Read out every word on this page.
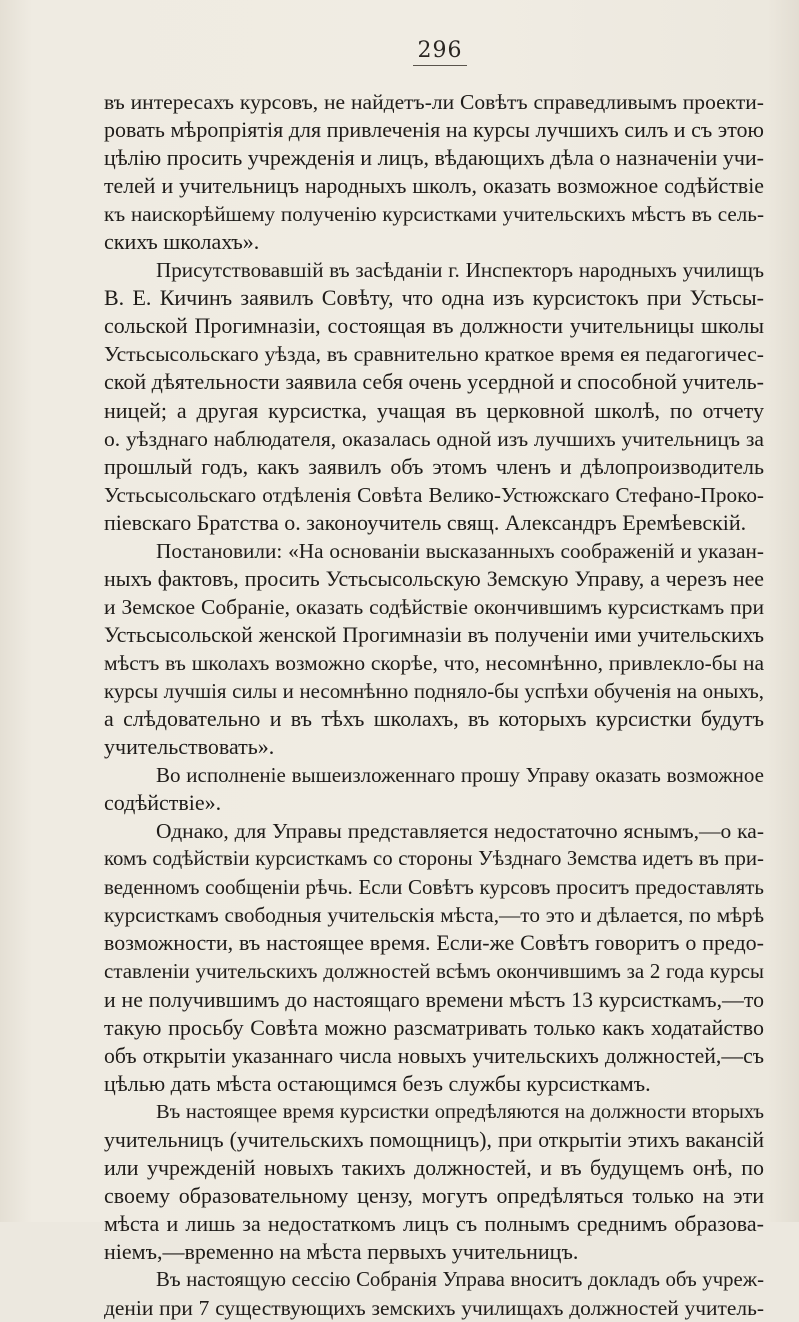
296
въ интересахъ курсовъ, не найдетъ-ли Совѣтъ справедливымъ проекти-
ровать мѣропріятія для привлеченія на курсы лучшихъ силъ и съ этою
цѣлію просить учрежденія и лицъ, вѣдающихъ дѣла о назначеніи учи-
телей и учительницъ народныхъ школъ, оказать возможное содѣйствіе
къ наискорѣйшему полученію курсистками учительскихъ мѣстъ въ сель-
скихъ школахъ».
Присутствовавшій въ засѣданіи г. Инспекторъ народныхъ училищъ
В. Е. Кичинъ заявилъ Совѣту, что одна изъ курсистокъ при Устьсы-
сольской Прогимназіи, состоящая въ должности учительницы школы
Устьсысольскаго уѣзда, въ сравнительно краткое время ея педагогичес-
ской дѣятельности заявила себя очень усердной и способной учитель-
ницей; а другая курсистка, учащая въ церковной школѣ, по отчету
о. уѣзднаго наблюдателя, оказалась одной изъ лучшихъ учительницъ за
прошлый годъ, какъ заявилъ объ этомъ членъ и дѣлопроизводитель
Устьсысольскаго отдѣленія Совѣта Велико-Устюжскаго Стефано-Проко-
піевскаго Братства о. законоучитель свящ. Александръ Еремѣевскій.
Постановили: «На основаніи высказанныхъ соображеній и указан-
ныхъ фактовъ, просить Устьсысольскую Земскую Управу, а черезъ нее
и Земское Собраніе, оказать содѣйствіе окончившимъ курсисткамъ при
Устьсысольской женской Прогимназіи въ полученіи ими учительскихъ
мѣстъ въ школахъ возможно скорѣе, что, несомнѣнно, привлекло-бы на
курсы лучшія силы и несомнѣнно подняло-бы успѣхи обученія на оныхъ,
а слѣдовательно и въ тѣхъ школахъ, въ которыхъ курсистки будутъ
учительствовать».
Во исполненіе вышеизложеннаго прошу Управу оказать возможное
содѣйствіе».
Однако, для Управы представляется недостаточно яснымъ,—о ка-
комъ содѣйствіи курсисткамъ со стороны Уѣзднаго Земства идетъ въ при-
веденномъ сообщеніи рѣчь. Если Совѣтъ курсовъ проситъ предоставлять
курсисткамъ свободныя учительскія мѣста,—то это и дѣлается, по мѣрѣ
возможности, въ настоящее время. Если-же Совѣтъ говоритъ о предо-
ставленіи учительскихъ должностей всѣмъ окончившимъ за 2 года курсы
и не получившимъ до настоящаго времени мѣстъ 13 курсисткамъ,—то
такую просьбу Совѣта можно разсматривать только какъ ходатайство
объ открытіи указаннаго числа новыхъ учительскихъ должностей,—съ
цѣлью дать мѣста остающимся безъ службы курсисткамъ.
Въ настоящее время курсистки опредѣляются на должности вторыхъ
учительницъ (учительскихъ помощницъ), при открытіи этихъ вакансій
или учрежденій новыхъ такихъ должностей, и въ будущемъ онѣ, по
своему образовательному цензу, могутъ опредѣляться только на эти
мѣста и лишь за недостаткомъ лицъ съ полнымъ среднимъ образова-
ніемъ,—временно на мѣста первыхъ учительницъ.
Въ настоящую сессію Собранія Управа вноситъ докладъ объ учреж-
деніи при 7 существующихъ земскихъ училищахъ должностей учитель-
